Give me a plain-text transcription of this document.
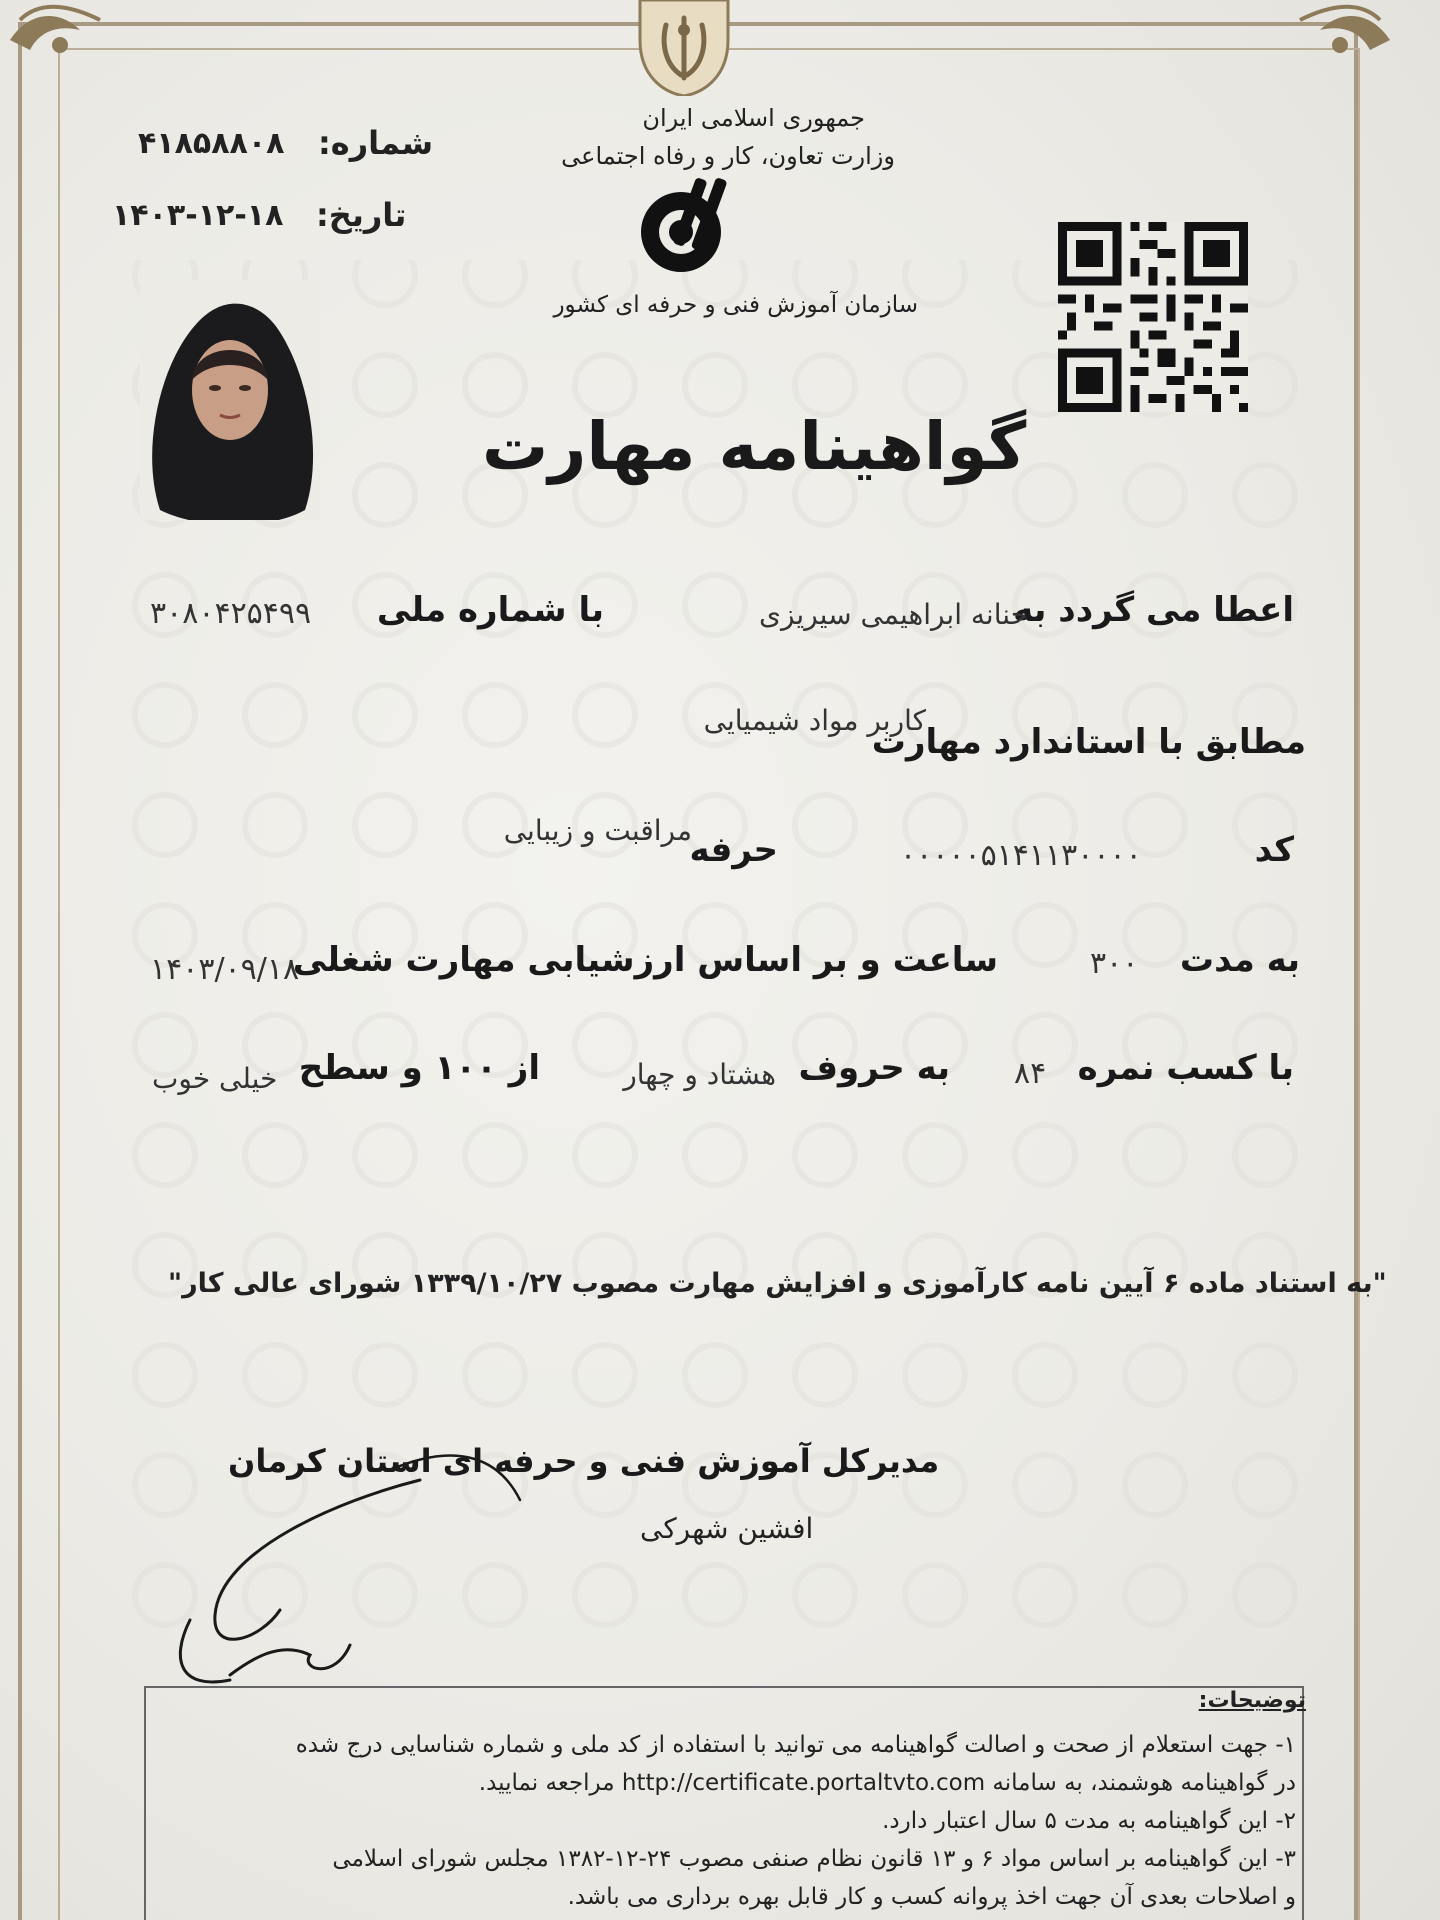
جمهوری اسلامی ایران
وزارت تعاون، کار و رفاه اجتماعی
سازمان آموزش فنی و حرفه ای کشور
شماره:
۴۱۸۵۸۸۰۸
تاریخ:
۱۴۰۳-۱۲-۱۸
گواهینامه مهارت
اعطا می گردد به
حنانه ابراهیمی سیریزی
با شماره ملی
۳۰۸۰۴۲۵۴۹۹
مطابق با استاندارد مهارت
کاربر مواد شیمیایی
کد
۰۰۰۰۰۵۱۴۱۱۳۰۰۰۰
حرفه
مراقبت و زیبایی
به مدت
۳۰۰
ساعت و بر اساس ارزشیابی مهارت شغلی
۱۴۰۳/۰۹/۱۸
با کسب نمره
۸۴
به حروف
هشتاد و چهار
از ۱۰۰ و سطح
خیلی خوب
"به استناد ماده ۶ آیین نامه کارآموزی و افزایش مهارت مصوب ۱۳۳۹/۱۰/۲۷ شورای عالی کار"
مدیرکل آموزش فنی و حرفه ای استان کرمان
افشین شهرکی
توضیحات:
۱- جهت استعلام از صحت و اصالت گواهینامه می توانید با استفاده از کد ملی و شماره شناسایی درج شده
در گواهینامه هوشمند، به سامانه http://certificate.portaltvto.com مراجعه نمایید.
۲- این گواهینامه به مدت ۵ سال اعتبار دارد.
۳- این گواهینامه بر اساس مواد ۶ و ۱۳ قانون نظام صنفی مصوب ۲۴-۱۲-۱۳۸۲ مجلس شورای اسلامی
و اصلاحات بعدی آن جهت اخذ پروانه کسب و کار قابل بهره برداری می باشد.
